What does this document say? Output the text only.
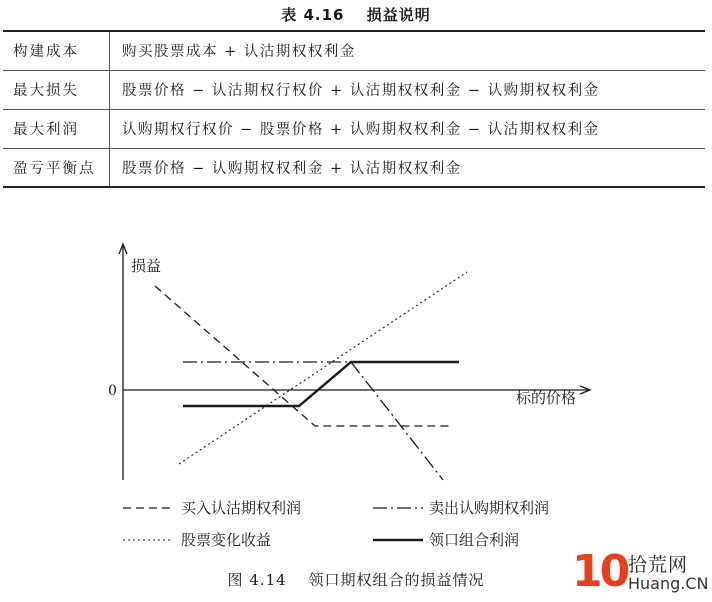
表 4.16　 损益说明
构建成本	购买股票成本 + 认沽期权权利金
最大损失	股票价格 − 认沽期权行权价 + 认沽期权权利金 − 认购期权权利金
最大利润	认购期权行权价 − 股票价格 + 认购期权权利金 − 认沽期权权利金
盈亏平衡点	股票价格 − 认购期权权利金 + 认沽期权权利金
损益
标的价格
0
买入认沽期权利润	卖出认购期权利润
股票变化收益	领口组合利润
图 4.14　 领口期权组合的损益情况	10 拾荒网
Huang.CN
